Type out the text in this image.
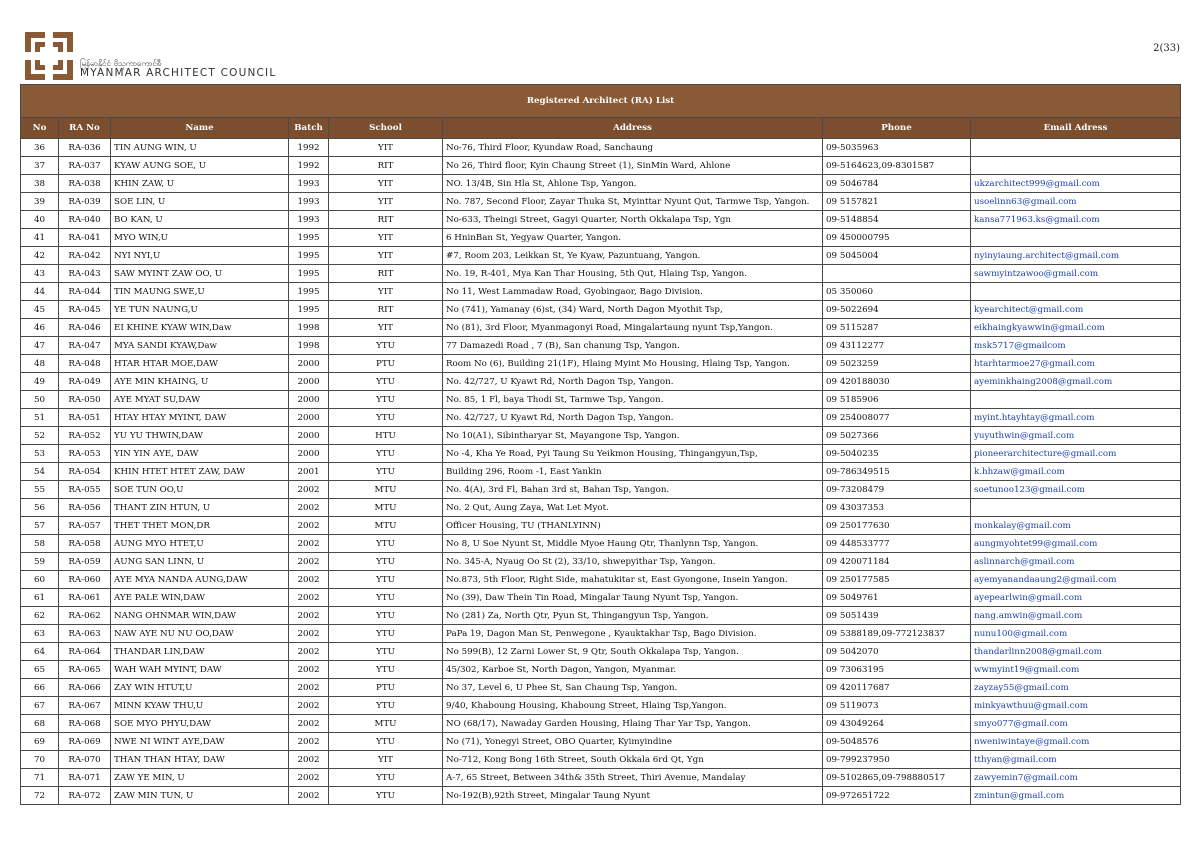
မြန်မာနိုင်ငံ ဗိသုကာကောင်စီ
MYANMAR ARCHITECT COUNCIL
2(33)
Registered Architect (RA) List							
No	RA No	Name	Batch	School	Address	Phone	Email Adress
36	RA-036	TIN AUNG WIN, U	1992	YIT	No-76, Third Floor, Kyundaw Road, Sanchaung	09-5035963	
37	RA-037	KYAW AUNG SOE, U	1992	RIT	No 26, Third floor, Kyin Chaung Street (1), SinMin Ward, Ahlone	09-5164623,09-8301587	
38	RA-038	KHIN ZAW, U	1993	YIT	NO. 13/4B, Sin Hla St, Ahlone Tsp, Yangon.	09 5046784	ukzarchitect999@gmail.com
39	RA-039	SOE LIN, U	1993	YIT	No. 787, Second Floor, Zayar Thuka St, Myinttar Nyunt Qut, Tarmwe Tsp, Yangon.	09 5157821	usoelinn63@gmail.com
40	RA-040	BO KAN, U	1993	RIT	No-633, Theingi Street, Gagyi Quarter, North Okkalapa Tsp, Ygn	09-5148854	kansa771963.ks@gmail.com
41	RA-041	MYO WIN,U	1995	YIT	6 HninBan St, Yegyaw Quarter, Yangon.	09 450000795	
42	RA-042	NYI NYI,U	1995	YIT	#7, Room 203, Leikkan St, Ye Kyaw, Pazuntuang, Yangon.	09 5045004	nyinyiaung.architect@gmail.com
43	RA-043	SAW MYINT ZAW OO, U	1995	RIT	No. 19, R-401, Mya Kan Thar Housing, 5th Qut, Hlaing Tsp, Yangon.		sawmyintzawoo@gmail.com
44	RA-044	TIN MAUNG SWE,U	1995	YIT	No 11, West Lammadaw Road, Gyobingaor, Bago Division.	05 350060	
45	RA-045	YE TUN NAUNG,U	1995	RIT	No (741), Yamanay (6)st, (34) Ward, North Dagon Myothit Tsp,	09-5022694	kyearchitect@gmail.com
46	RA-046	EI KHINE KYAW WIN,Daw	1998	YIT	No (81), 3rd Floor, Myanmagonyi Road, Mingalartaung nyunt Tsp,Yangon.	09 5115287	eikhaingkyawwin@gmail.com
47	RA-047	MYA SANDI KYAW,Daw	1998	YTU	77 Damazedi Road , 7 (B), San chanung Tsp, Yangon.	09 43112277	msk5717@gmailcom
48	RA-048	HTAR HTAR MOE,DAW	2000	PTU	Room No (6), Building 21(1F), Hlaing Myint Mo Housing, Hlaing Tsp, Yangon.	09 5023259	htarhtarmoe27@gmail.com
49	RA-049	AYE MIN KHAING, U	2000	YTU	No. 42/727, U Kyawt Rd, North Dagon Tsp, Yangon.	09 420188030	ayeminkhaing2008@gmail.com
50	RA-050	AYE MYAT SU,DAW	2000	YTU	No. 85, 1 Fl, baya Thodi St, Tarmwe Tsp, Yangon.	09 5185906	
51	RA-051	HTAY HTAY MYINT, DAW	2000	YTU	No. 42/727, U Kyawt Rd, North Dagon Tsp, Yangon.	09 254008077	myint.htayhtay@gmail.com
52	RA-052	YU YU THWIN,DAW	2000	HTU	No 10(A1), Sibintharyar St, Mayangone Tsp, Yangon.	09 5027366	yuyuthwin@gmail.com
53	RA-053	YIN YIN AYE, DAW	2000	YTU	No -4, Kha Ye Road, Pyi Taung Su Yeikmon Housing, Thingangyun,Tsp,	09-5040235	pioneerarchitecture@gmail.com
54	RA-054	KHIN HTET HTET ZAW, DAW	2001	YTU	Building 296, Room -1, East Yankin	09-786349515	k.hhzaw@gmail.com
55	RA-055	SOE TUN OO,U	2002	MTU	No. 4(A), 3rd Fl, Bahan 3rd st, Bahan Tsp, Yangon.	09-73208479	soetunoo123@gmail.com
56	RA-056	THANT ZIN HTUN, U	2002	MTU	No. 2 Qut, Aung Zaya, Wat Let Myot.	09 43037353	
57	RA-057	THET THET MON,DR	2002	MTU	Officer Housing, TU (THANLYINN)	09 250177630	monkalay@gmail.com
58	RA-058	AUNG MYO HTET,U	2002	YTU	No 8, U Soe Nyunt St, Middle Myoe Haung Qtr, Thanlynn Tsp, Yangon.	09 448533777	aungmyohtet99@gmail.com
59	RA-059	AUNG SAN LINN, U	2002	YTU	No. 345-A, Nyaug Oo St (2), 33/10, shwepyithar Tsp, Yangon.	09 420071184	aslinnarch@gmail.com
60	RA-060	AYE MYA NANDA AUNG,DAW	2002	YTU	No.873, 5th Floor, Right Side, mahatukitar st, East Gyongone, Insein Yangon.	09 250177585	ayemyanandaaung2@gmail.com
61	RA-061	AYE PALE WIN,DAW	2002	YTU	No (39), Daw Thein Tin Road, Mingalar Taung Nyunt Tsp, Yangon.	09 5049761	ayepearlwin@gmail.com
62	RA-062	NANG OHNMAR WIN,DAW	2002	YTU	No (281) Za, North Qtr, Pyun St, Thingangyun Tsp, Yangon.	09 5051439	nang.amwin@gmail.com
63	RA-063	NAW AYE NU NU OO,DAW	2002	YTU	PaPa 19, Dagon Man St, Penwegone , Kyauktakhar Tsp, Bago Division.	09 5388189,09-772123837	nunu100@gmail.com
64	RA-064	THANDAR LIN,DAW	2002	YTU	No 599(B), 12 Zarni Lower St, 9 Qtr, South Okkalapa Tsp, Yangon.	09 5042070	thandarlinn2008@gmail.com
65	RA-065	WAH WAH MYINT, DAW	2002	YTU	45/302, Karboe St, North Dagon, Yangon, Myanmar.	09 73063195	wwmyint19@gmail.com
66	RA-066	ZAY WIN HTUT,U	2002	PTU	No 37, Level 6, U Phee St, San Chaung Tsp, Yangon.	09 420117687	zayzay55@gmail.com
67	RA-067	MINN KYAW THU,U	2002	YTU	9/40, Khaboung Housing, Khaboung Street, Hlaing Tsp,Yangon.	09 5119073	minkyawthuu@gmail.com
68	RA-068	SOE MYO PHYU,DAW	2002	MTU	NO (68/17), Nawaday Garden Housing, Hlaing Thar Yar Tsp, Yangon.	09 43049264	smyo077@gmail.com
69	RA-069	NWE NI WINT AYE,DAW	2002	YTU	No (71), Yonegyi Street, OBO Quarter, Kyimyindine	09-5048576	nweniwintaye@gmail.com
70	RA-070	THAN THAN HTAY, DAW	2002	YIT	No-712, Kong Bong 16th Street, South Okkala 6rd Qt, Ygn	09-799237950	tthyan@gmail.com
71	RA-071	ZAW YE MIN, U	2002	YTU	A-7, 65 Street, Between 34th& 35th Street, Thiri Avenue, Mandalay	09-5102865,09-798880517	zawyemin7@gmail.com
72	RA-072	ZAW MIN TUN, U	2002	YTU	No-192(B),92th Street, Mingalar Taung Nyunt	09-972651722	zmintun@gmail.com
